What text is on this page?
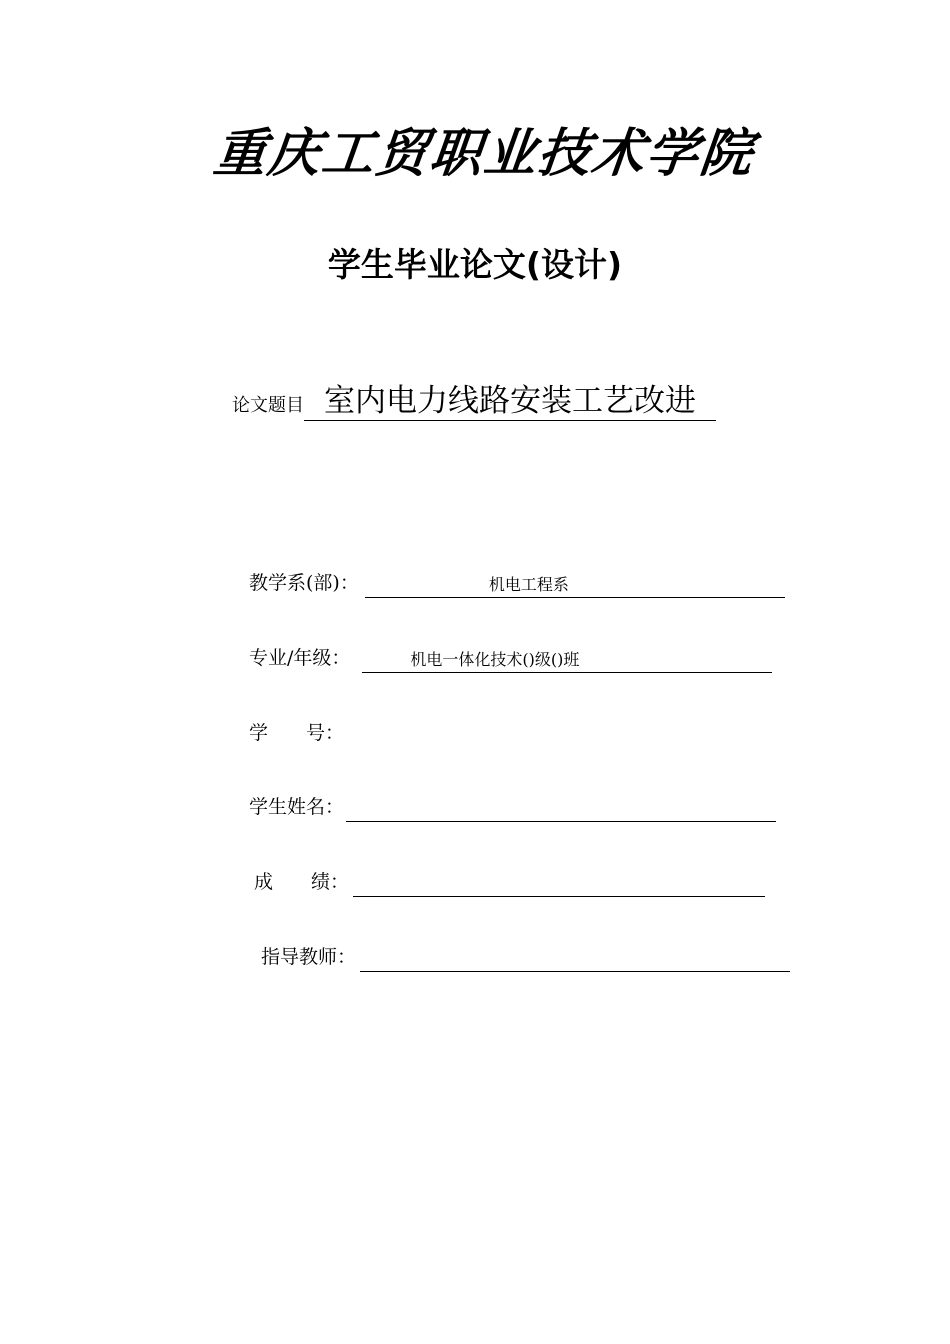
重庆工贸职业技术学院
学生毕业论文(设计)
论文题目 室内电力线路安装工艺改进
教学系(部)：	机电工程系
专业/年级：	机电一体化技术()级()班
学　　号：
学生姓名：
成　　绩：
指导教师：
